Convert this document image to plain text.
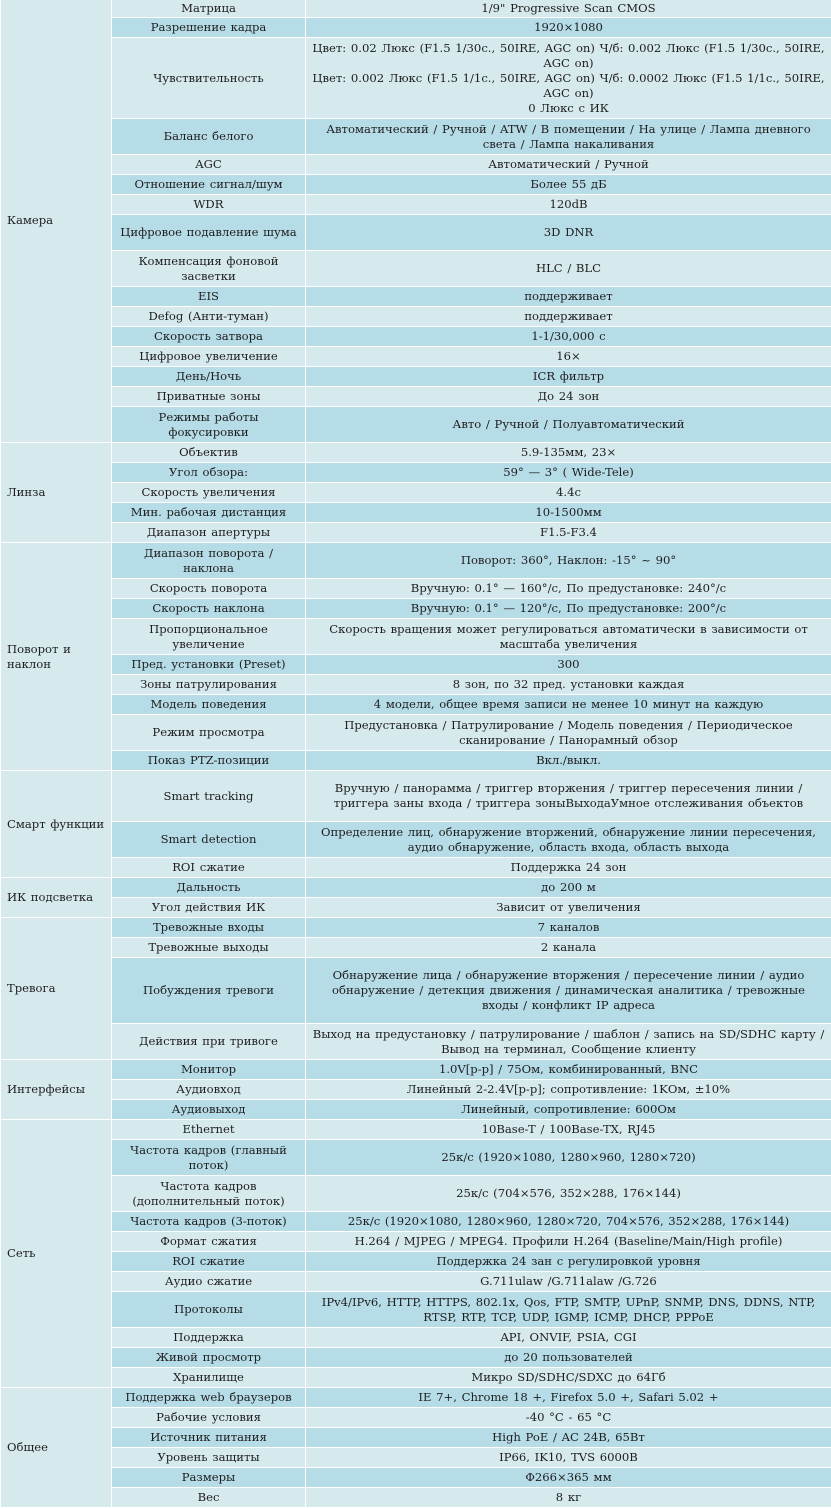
Камера	Матрица	1/9" Progressive Scan CMOS
	Разрешение кадра	1920×1080
	Чувствительность	Цвет: 0.02 Люкс (F1.5 1/30с., 50IRE, AGC on) Ч/б: 0.002 Люкс (F1.5 1/30с., 50IRE, AGC on)
Цвет: 0.002 Люкс (F1.5 1/1с., 50IRE, AGC on) Ч/б: 0.0002 Люкс (F1.5 1/1с., 50IRE, AGC on)
0 Люкс с ИК

	Баланс белого	Автоматический / Ручной / ATW / В помещении / На улице / Лампа дневного света / Лампа накаливания
	AGC	Автоматический / Ручной
	Отношение сигнал/шум	Более 55 дБ
	WDR	120dB
	Цифровое подавление шума	3D DNR
	Компенсация фоновой засветки	HLC / BLC
	EIS	поддерживает
	Defog (Анти-туман)	поддерживает
	Скорость затвора	1-1/30,000 с
	Цифровое увеличение	16×
	День/Ночь	ICR фильтр
	Приватные зоны	До 24 зон
	Режимы работы фокусировки	Авто / Ручной / Полуавтоматический
Линза	Объектив	5.9-135мм, 23×
	Угол обзора:	59° — 3° ( Wide-Tele)
	Скорость увеличения	4.4с
	Мин. рабочая дистанция	10-1500мм
	Диапазон апертуры	F1.5-F3.4
Поворот и наклон	Диапазон поворота / наклона	Поворот: 360°, Наклон: -15° ~ 90°
	Скорость поворота	Вручную: 0.1° — 160°/с, По предустановке: 240°/с
	Скорость наклона	Вручную: 0.1° — 120°/с, По предустановке: 200°/с
	Пропорциональное увеличение	Скорость вращения может регулироваться автоматически в зависимости от масштаба увеличения
	Пред. установки (Preset)	300
	Зоны патрулирования	8 зон, по 32 пред. установки каждая
	Модель поведения	4 модели, общее время записи не менее 10 минут на каждую
	Режим просмотра	Предустановка / Патрулирование / Модель поведения / Периодическое сканирование / Панорамный обзор
	Показ PTZ-позиции	Вкл./выкл.
Смарт функции	Smart tracking	Вручную / панорамма / триггер вторжения / триггер пересечения линии / триггера заны входа / триггера зоныВыходаУмное отслеживания объектов
	Smart detection	Определение лиц, обнаружение вторжений, обнаружение линии пересечения, аудио обнаружение, область входа, область выхода
	ROI сжатие	Поддержка 24 зон
ИК подсветка	Дальность	до 200 м
	Угол действия ИК	Зависит от увеличения
Тревога	Тревожные входы	7 каналов
	Тревожные выходы	2 канала
	Побуждения тревоги	Обнаружение лица / обнаружение вторжения / пересечение линии / аудио обнаружение / детекция движения / динамическая аналитика / тревожные входы / конфликт IP адреса
	Действия при тривоге	Выход на предустановку / патрулирование / шаблон / запись на SD/SDHC карту / Вывод на терминал, Сообщение клиенту
Интерфейсы	Монитор	1.0V[p-p] / 75Ом, комбинированный, BNC
	Аудиовход	Линейный 2-2.4V[p-p]; сопротивление: 1KОм, ±10%
	Аудиовыход	Линейный, сопротивление: 600Ом
Сеть	Ethernet	10Base-T / 100Base-TX, RJ45
	Частота кадров (главный поток)	25к/с (1920×1080, 1280×960, 1280×720)
	Частота кадров (дополнительный поток)	25к/с (704×576, 352×288, 176×144)
	Частота кадров (3-поток)	25к/с (1920×1080, 1280×960, 1280×720, 704×576, 352×288, 176×144)
	Формат сжатия	H.264 / MJPEG / MPEG4. Профили H.264 (Baseline/Main/High profile)
	ROI сжатие	Поддержка 24 зан с регулировкой уровня
	Аудио сжатие	G.711ulaw /G.711alaw /G.726
	Протоколы	IPv4/IPv6, HTTP, HTTPS, 802.1x, Qos, FTP, SMTP, UPnP, SNMP, DNS, DDNS, NTP, RTSP, RTP, TCP, UDP, IGMP, ICMP, DHCP, PPPoE
	Поддержка	API, ONVIF, PSIA, CGI
	Живой просмотр	до 20 пользователей
	Хранилище	Микро SD/SDHC/SDXC до 64Гб
Общее	Поддержка web браузеров	IE 7+, Chrome 18 +, Firefox 5.0 +, Safari 5.02 +
	Рабочие условия	-40 °C - 65 °C
	Источник питания	High PoE / AC 24В, 65Вт
	Уровень защиты	IP66, IK10, TVS 6000В
	Размеры	Φ266×365 мм
	Вес	8 кг
